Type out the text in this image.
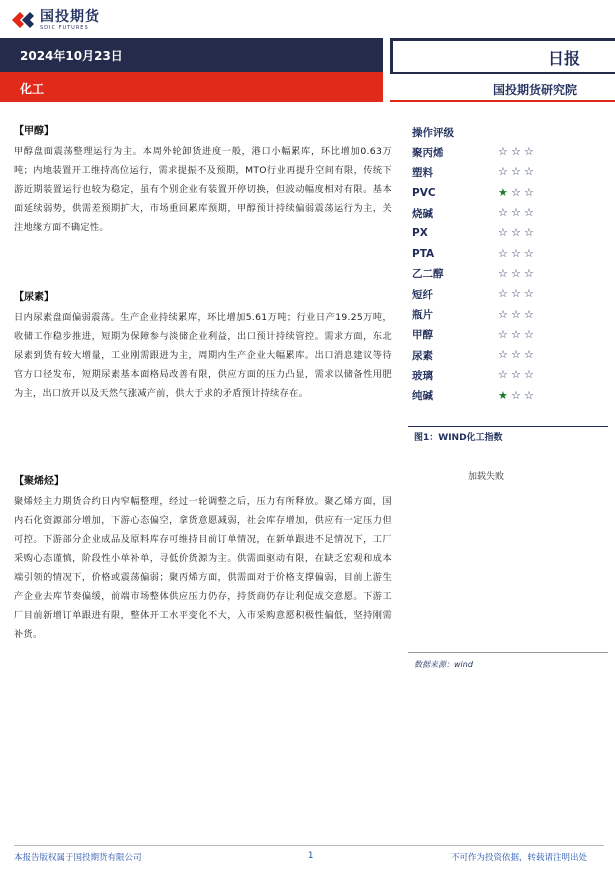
国投期货
SDIC FUTURES
2024年10月23日
化工
日报
国投期货研究院
【甲醇】
甲醇盘面震荡整理运行为主。本周外轮卸货进度一般，港口小幅累库，环比增加0.63万吨；内地装置开工维持高位运行，需求提振不及预期，MTO行业再提升空间有限，传统下游近期装置运行也较为稳定，虽有个别企业有装置开停切换，但波动幅度相对有限。基本面延续弱势，供需差预期扩大，市场重回累库预期，甲醇预计持续偏弱震荡运行为主，关注地缘方面不确定性。
【尿素】
日内尿素盘面偏弱震荡。生产企业持续累库，环比增加5.61万吨；行业日产19.25万吨，收储工作稳步推进，短期为保障参与淡储企业利益，出口预计持续管控。需求方面，东北尿素到货有较大增量，工业刚需跟进为主，周期内生产企业大幅累库。出口消息建议等待官方口径发布，短期尿素基本面格局改善有限，供应方面的压力凸显，需求以储备性用肥为主，出口放开以及天然气涨减产前，供大于求的矛盾预计持续存在。
【聚烯烃】
聚烯烃主力期货合约日内窄幅整理，经过一轮调整之后，压力有所释放。聚乙烯方面，国内石化资源部分增加，下游心态偏空，拿货意愿减弱，社会库存增加，供应有一定压力但可控。下游部分企业成品及原料库存可维持目前订单情况，在新单跟进不足情况下，工厂采购心态谨慎，阶段性小单补单，寻低价货源为主。供需面驱动有限，在缺乏宏观和成本端引领的情况下，价格或震荡偏弱；聚丙烯方面，供需面对于价格支撑偏弱，目前上游生产企业去库节奏偏缓，前端市场整体供应压力仍存，持货商仍存让利促成交意愿。下游工厂目前新增订单跟进有限，整体开工水平变化不大，入市采购意愿积极性偏低，坚持刚需补货。
操作评级
聚丙烯	☆ ☆ ☆
塑料	☆ ☆ ☆
PVC	★ ☆ ☆
烧碱	☆ ☆ ☆
PX	☆ ☆ ☆
PTA	☆ ☆ ☆
乙二醇	☆ ☆ ☆
短纤	☆ ☆ ☆
瓶片	☆ ☆ ☆
甲醇	☆ ☆ ☆
尿素	☆ ☆ ☆
玻璃	☆ ☆ ☆
纯碱	★ ☆ ☆
图1：WIND化工指数
加载失败
数据来源：wind
本报告版权属于国投期货有限公司	1	不可作为投资依据，转载请注明出处
